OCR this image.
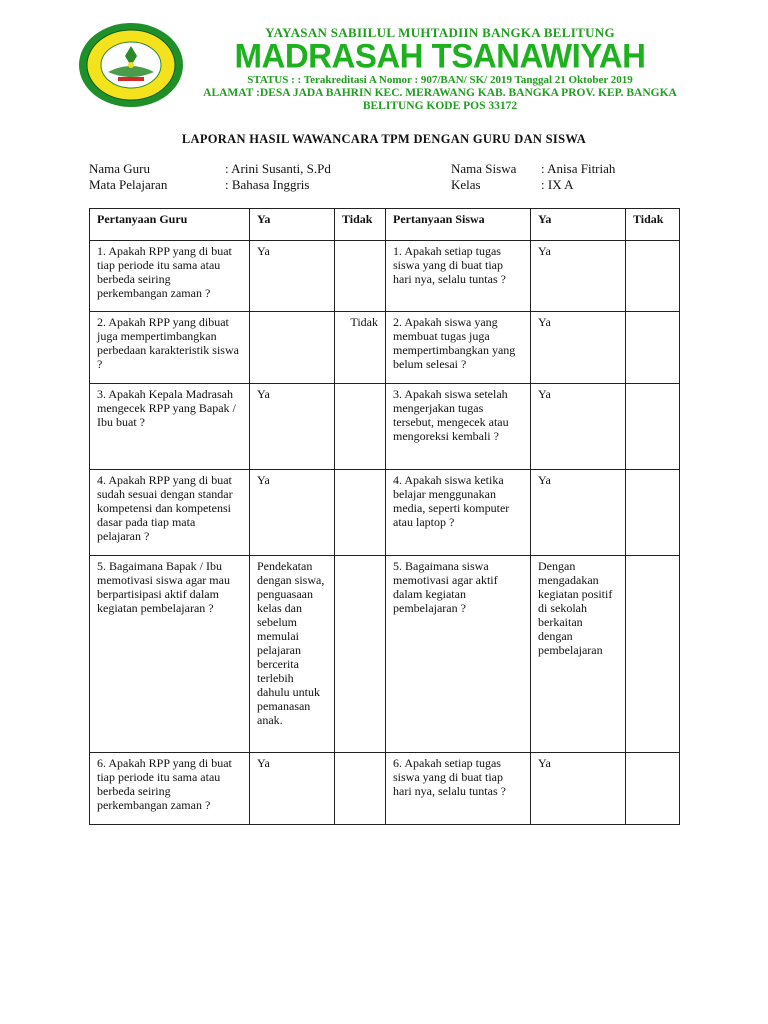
YAYASAN SABIILUL MUHTADIIN BANGKA BELITUNG
MADRASAH TSANAWIYAH
STATUS : : Terakreditasi A Nomor : 907/BAN/ SK/ 2019 Tanggal 21 Oktober 2019
ALAMAT :DESA JADA BAHRIN KEC. MERAWANG KAB. BANGKA PROV. KEP. BANGKA
BELITUNG KODE POS 33172
LAPORAN HASIL WAWANCARA TPM DENGAN GURU DAN SISWA
Nama Guru	: Arini Susanti, S.Pd
Mata Pelajaran	: Bahasa Inggris
Nama Siswa : Anisa Fitriah
Kelas	: IX A
Pertanyaan Guru	Ya	Tidak	Pertanyaan Siswa	Ya	Tidak
1. Apakah RPP yang di buat tiap periode itu sama atau berbeda seiring perkembangan zaman ?	Ya		1. Apakah setiap tugas siswa yang di buat tiap hari nya, selalu tuntas ?	Ya	
2. Apakah RPP yang dibuat juga mempertimbangkan perbedaan karakteristik siswa ?		Tidak	2. Apakah siswa yang membuat tugas juga mempertimbangkan yang belum selesai ?	Ya	
3. Apakah Kepala Madrasah mengecek RPP yang Bapak / Ibu buat ?	Ya		3. Apakah siswa setelah mengerjakan tugas tersebut, mengecek atau mengoreksi kembali ?	Ya	
4. Apakah RPP yang di buat sudah sesuai dengan standar kompetensi dan kompetensi dasar pada tiap mata pelajaran ?	Ya		4. Apakah siswa ketika belajar menggunakan media, seperti komputer atau laptop ?	Ya	
5. Bagaimana Bapak / Ibu memotivasi siswa agar mau berpartisipasi aktif dalam kegiatan pembelajaran ?	Pendekatan dengan siswa, penguasaan kelas dan sebelum memulai pelajaran bercerita terlebih dahulu untuk pemanasan anak.		5. Bagaimana siswa memotivasi agar aktif dalam kegiatan pembelajaran ?	Dengan mengadakan kegiatan positif di sekolah berkaitan dengan pembelajaran	
6. Apakah RPP yang di buat tiap periode itu sama atau berbeda seiring perkembangan zaman ?	Ya		6. Apakah setiap tugas siswa yang di buat tiap hari nya, selalu tuntas ?	Ya	
